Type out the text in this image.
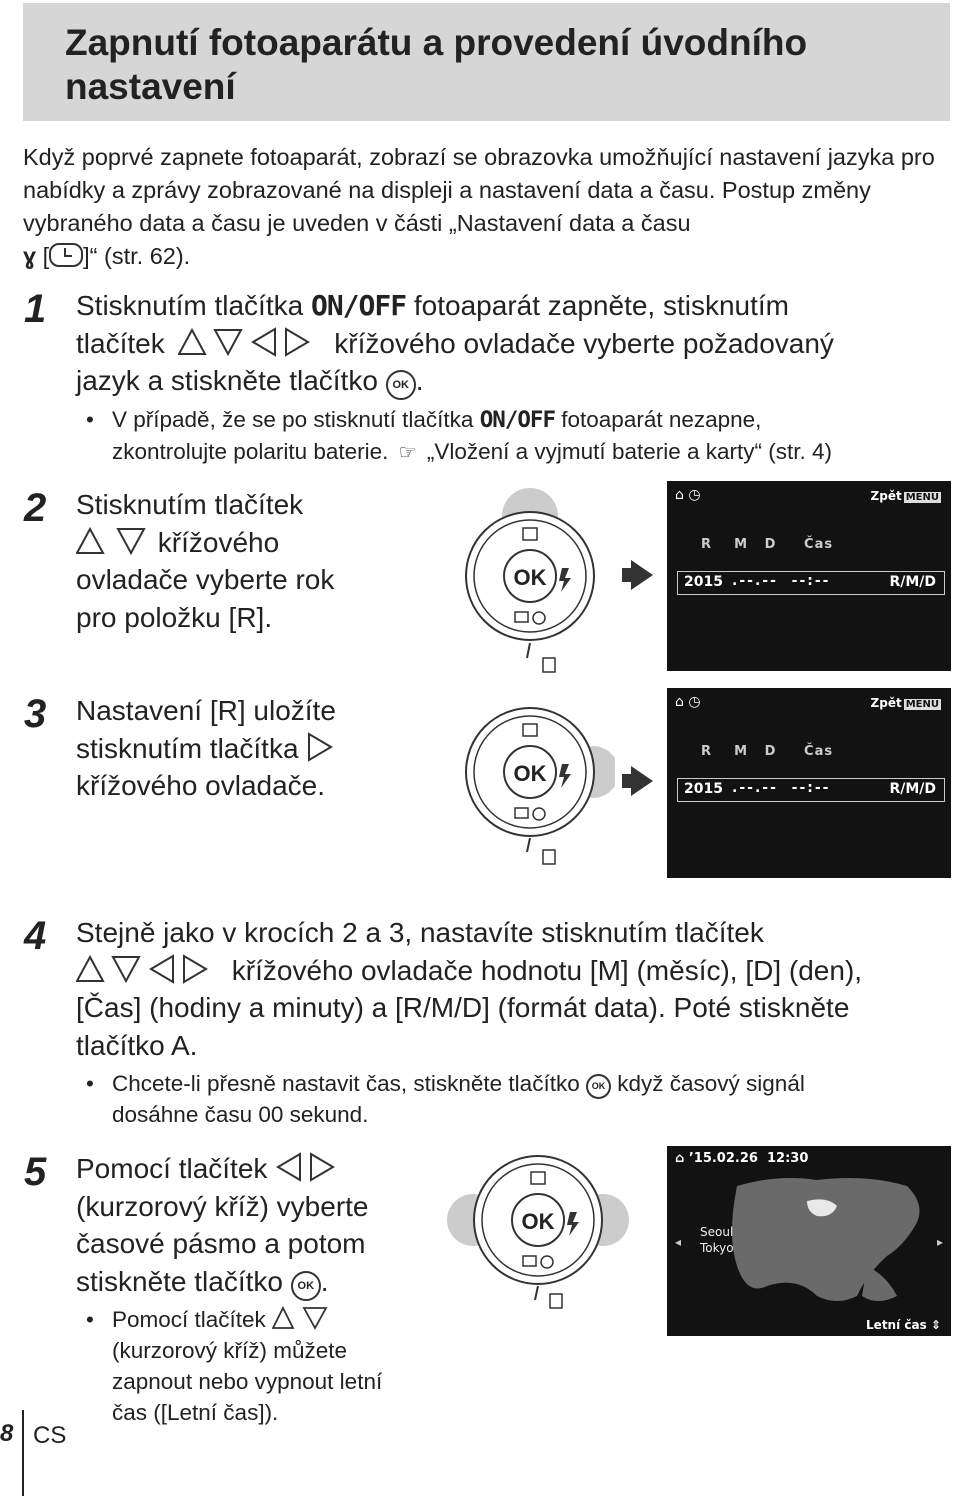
Zapnutí fotoaparátu a provedení úvodního nastavení
Když poprvé zapnete fotoaparát, zobrazí se obrazovka umožňující nastavení jazyka pro nabídky a zprávy zobrazované na displeji a nastavení data a času. Postup změny vybraného data a času je uveden v části „Nastavení data a času
ɣ [ ]“ (str. 62).
1 Stisknutím tlačítka ON/OFF fotoaparát zapněte, stisknutím
tlačítek	křížového ovladače vyberte požadovaný
jazyk a stiskněte tlačítko OK .
• V případě, že se po stisknutí tlačítka ON/OFF fotoaparát nezapne,
zkontrolujte polaritu baterie. ☞ „Vložení a vyjmutí baterie a karty“ (str. 4)
2 Stisknutím tlačítek
křížového
ovladače vyberte rok
pro položku [R].
OK
⌂ ◷	Zpět MENU
R    M   D     Čas
2015 .--.--  --:--	R/M/D
3 Nastavení [R] uložíte
stisknutím tlačítka
křížového ovladače.	OK
⌂ ◷	Zpět MENU
R    M   D     Čas
2015 .--.--  --:--	R/M/D
4 Stejně jako v krocích 2 a 3, nastavíte stisknutím tlačítek
křížového ovladače hodnotu [M] (měsíc), [D] (den),
[Čas] (hodiny a minuty) a [R/M/D] (formát data). Poté stiskněte
tlačítko A.
• Chcete-li přesně nastavit čas, stiskněte tlačítko OK když časový signál
dosáhne času 00 sekund.
5 Pomocí tlačítek
(kurzorový kříž) vyberte
časové pásmo a potom
stiskněte tlačítko OK .
• Pomocí tlačítek
(kurzorový kříž) můžete
zapnout nebo vypnout letní
čas ([Letní čas]).
OK
⌂ ’15.02.26  12:30
◂	▸
Seoul
Tokyo
Letní čas ⇕
8 CS
